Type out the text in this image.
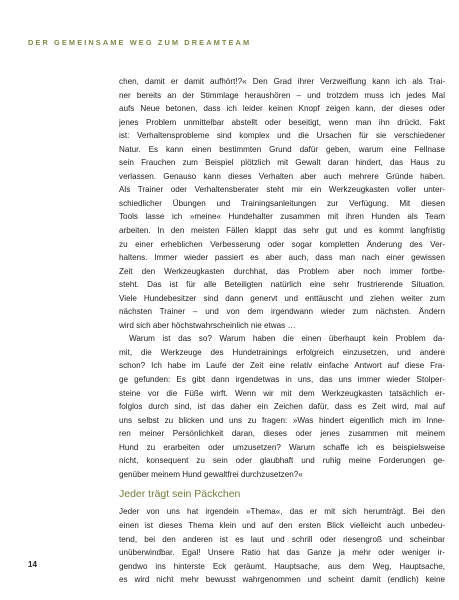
DER GEMEINSAME WEG ZUM DREAMTEAM
chen, damit er damit aufhört!?« Den Grad ihrer Verzweiflung kann ich als Trai-
ner bereits an der Stimmlage heraushören – und trotzdem muss ich jedes Mal
aufs Neue betonen, dass ich leider keinen Knopf zeigen kann, der dieses oder
jenes Problem unmittelbar abstellt oder beseitigt, wenn man ihn drückt. Fakt
ist: Verhaltensprobleme sind komplex und die Ursachen für sie verschiedener
Natur. Es kann einen bestimmten Grund dafür geben, warum eine Fellnase
sein Frauchen zum Beispiel plötzlich mit Gewalt daran hindert, das Haus zu
verlassen. Genauso kann dieses Verhalten aber auch mehrere Gründe haben.
Als Trainer oder Verhaltensberater steht mir ein Werkzeugkasten voller unter-
schiedlicher Übungen und Trainingsanleitungen zur Verfügung. Mit diesen
Tools lasse ich »meine« Hundehalter zusammen mit ihren Hunden als Team
arbeiten. In den meisten Fällen klappt das sehr gut und es kommt langfristig
zu einer erheblichen Verbesserung oder sogar kompletten Änderung des Ver-
haltens. Immer wieder passiert es aber auch, dass man nach einer gewissen
Zeit den Werkzeugkasten durchhat, das Problem aber noch immer fortbe-
steht. Das ist für alle Beteiligten natürlich eine sehr frustrierende Situation.
Viele Hundebesitzer sind dann genervt und enttäuscht und ziehen weiter zum
nächsten Trainer – und von dem irgendwann wieder zum nächsten. Ändern
wird sich aber höchstwahrscheinlich nie etwas …
Warum ist das so? Warum haben die einen überhaupt kein Problem da-
mit, die Werkzeuge des Hundetrainings erfolgreich einzusetzen, und andere
schon? Ich habe im Laufe der Zeit eine relativ einfache Antwort auf diese Fra-
ge gefunden: Es gibt dann irgendetwas in uns, das uns immer wieder Stolper-
steine vor die Füße wirft. Wenn wir mit dem Werkzeugkasten tatsächlich er-
folglos durch sind, ist das daher ein Zeichen dafür, dass es Zeit wird, mal auf
uns selbst zu blicken und uns zu fragen: »Was hindert eigentlich mich im Inne-
ren meiner Persönlichkeit daran, dieses oder jenes zusammen mit meinem
Hund zu erarbeiten oder umzusetzen? Warum schaffe ich es beispielsweise
nicht, konsequent zu sein oder glaubhaft und ruhig meine Forderungen ge-
genüber meinem Hund gewaltfrei durchzusetzen?«
Jeder trägt sein Päckchen
Jeder von uns hat irgendein »Thema«, das er mit sich herumträgt. Bei den
einen ist dieses Thema klein und auf den ersten Blick vielleicht auch unbedeu-
tend, bei den anderen ist es laut und schrill oder riesengroß und scheinbar
unüberwindbar. Egal! Unsere Ratio hat das Ganze ja mehr oder weniger ir-
gendwo ins hinterste Eck geräumt. Hauptsache, aus dem Weg, Hauptsache,
es wird nicht mehr bewusst wahrgenommen und scheint damit (endlich) keine
14
